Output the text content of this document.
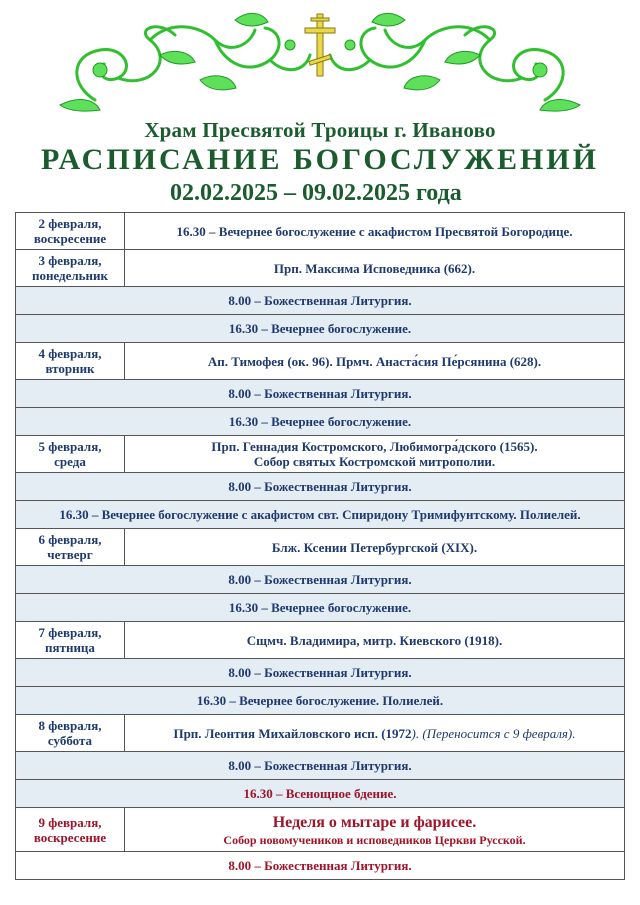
Храм Пресвятой Троицы г. Иваново
РАСПИСАНИЕ БОГОСЛУЖЕНИЙ
02.02.2025 – 09.02.2025 года
2 февраля,
воскресение	16.30 – Вечернее богослужение с акафистом Пресвятой Богородице.
3 февраля,
понедельник	Прп. Максима Исповедника (662).
8.00 – Божественная Литургия.	
16.30 – Вечернее богослужение.	
4 февраля,
вторник	Ап. Тимофея (ок. 96). Прмч. Анаста́сия Пе́рсянина (628).
8.00 – Божественная Литургия.	
16.30 – Вечернее богослужение.	
5 февраля,
среда	Прп. Геннадия Костромского, Любимогра́дского (1565).
Собор святых Костромской митрополии.
8.00 – Божественная Литургия.	
16.30 – Вечернее богослужение с акафистом свт. Спиридону Тримифунтскому. Полиелей.	
6 февраля,
четверг	Блж. Ксении Петербургской (XIX).
8.00 – Божественная Литургия.	
16.30 – Вечернее богослужение.	
7 февраля,
пятница	Сщмч. Владимира, митр. Киевского (1918).
8.00 – Божественная Литургия.	
16.30 – Вечернее богослужение. Полиелей.	
8 февраля,
суббота	Прп. Леонтия Михайловского исп. (1972). (Переносится с 9 февраля).
8.00 – Божественная Литургия.	
16.30 – Всенощное бдение.	
9 февраля,
воскресение	Неделя о мытаре и фарисее.
Собор новомучеников и исповедников Церкви Русской.
8.00 – Божественная Литургия.	
